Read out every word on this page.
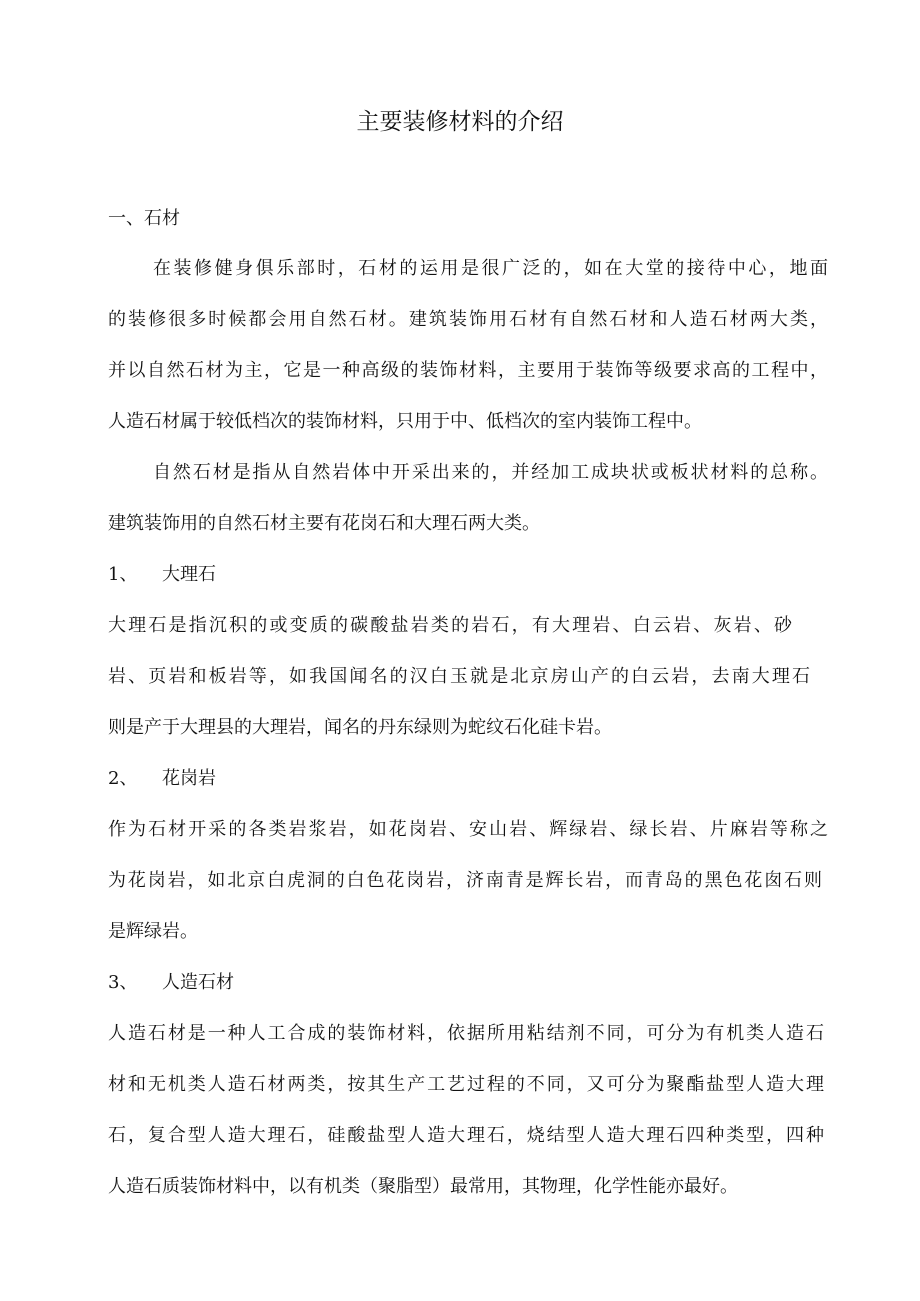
主要装修材料的介绍
一、石材
在装修健身俱乐部时，石材的运用是很广泛的，如在大堂的接待中心，地面
的装修很多时候都会用自然石材。建筑装饰用石材有自然石材和人造石材两大类，
并以自然石材为主，它是一种高级的装饰材料，主要用于装饰等级要求高的工程中，
人造石材属于较低档次的装饰材料，只用于中、低档次的室内装饰工程中。
自然石材是指从自然岩体中开采出来的，并经加工成块状或板状材料的总称。
建筑装饰用的自然石材主要有花岗石和大理石两大类。
1、 大理石
大理石是指沉积的或变质的碳酸盐岩类的岩石，有大理岩、白云岩、灰岩、砂
岩、页岩和板岩等，如我国闻名的汉白玉就是北京房山产的白云岩，去南大理石
则是产于大理县的大理岩，闻名的丹东绿则为蛇纹石化硅卡岩。
2、 花岗岩
作为石材开采的各类岩浆岩，如花岗岩、安山岩、辉绿岩、绿长岩、片麻岩等称之
为花岗岩，如北京白虎洞的白色花岗岩，济南青是辉长岩，而青岛的黑色花囱石则
是辉绿岩。
3、 人造石材
人造石材是一种人工合成的装饰材料，依据所用粘结剂不同，可分为有机类人造石
材和无机类人造石材两类，按其生产工艺过程的不同，又可分为聚酯盐型人造大理
石，复合型人造大理石，硅酸盐型人造大理石，烧结型人造大理石四种类型，四种
人造石质装饰材料中，以有机类（聚脂型）最常用，其物理，化学性能亦最好。
